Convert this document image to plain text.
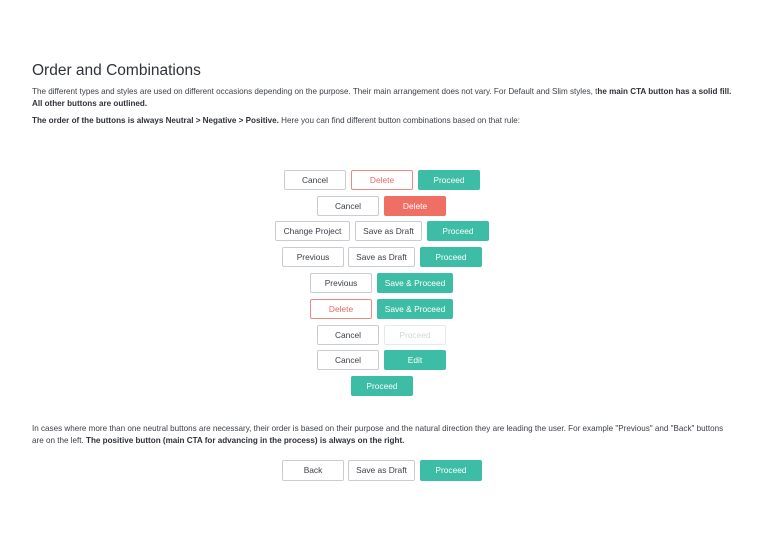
Order and Combinations
The different types and styles are used on different occasions depending on the purpose. Their main arrangement does not vary. For Default and Slim styles, the main CTA button has a solid fill. All other buttons are outlined.
The order of the buttons is always Neutral > Negative > Positive. Here you can find different button combinations based on that rule:
Cancel	Delete	Proceed
Cancel	Delete
Change Project	Save as Draft	Proceed
Previous	Save as Draft	Proceed
Previous	Save & Proceed
Delete	Save & Proceed
Cancel	Proceed
Cancel	Edit
Proceed
In cases where more than one neutral buttons are necessary, their order is based on their purpose and the natural direction they are leading the user. For example "Previous" and "Back" buttons are on the left. The positive button (main CTA for advancing in the process) is always on the right.
Back	Save as Draft	Proceed
